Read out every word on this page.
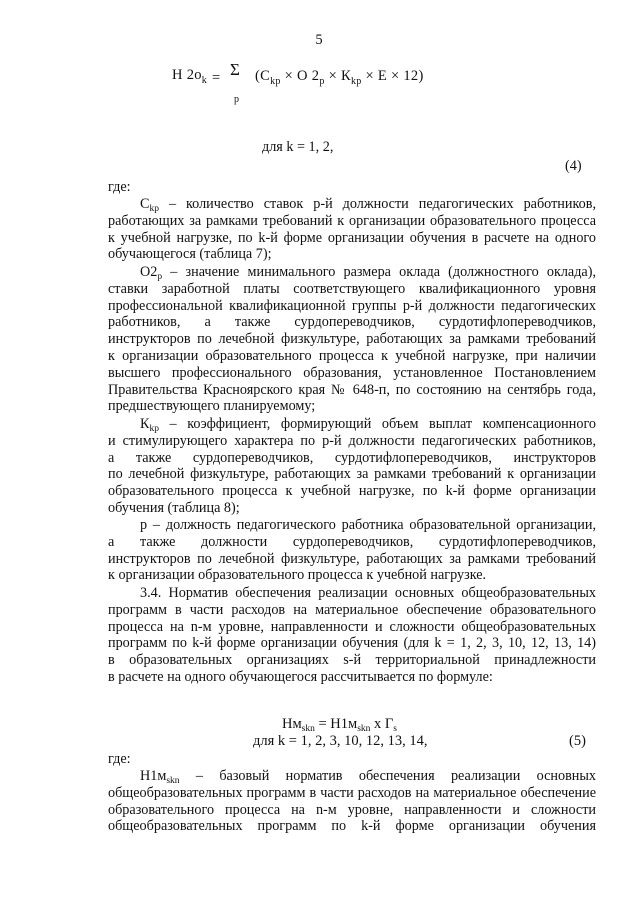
5
Н $2о_k = \Sigma$
р
($С_{kр} \times О$ $2_р \times К_{kр} \times Е \times 12$)
для k = 1, 2,
(4)
где:
$С_{kр}$ – количество ставок р-й должности педагогических работников,
работающих за рамками требований к организации образовательного процесса
к учебной нагрузке, по k-й форме организации обучения в расчете на одного
обучающегося (таблица 7);
$О2_р$ – значение минимального размера оклада (должностного оклада),
ставки заработной платы соответствующего квалификационного уровня
профессиональной квалификационной группы р-й должности педагогических
работников, а также сурдопереводчиков, сурдотифлопереводчиков,
инструкторов по лечебной физкультуре, работающих за рамками требований
к организации образовательного процесса к учебной нагрузке, при наличии
высшего профессионального образования, установленное Постановлением
Правительства Красноярского края № 648-п, по состоянию на сентябрь года,
предшествующего планируемому;
$К_{kр}$ – коэффициент, формирующий объем выплат компенсационного
и стимулирующего характера по р-й должности педагогических работников,
а также сурдопереводчиков, сурдотифлопереводчиков, инструкторов
по лечебной физкультуре, работающих за рамками требований к организации
образовательного процесса к учебной нагрузке, по k-й форме организации
обучения (таблица 8);
р – должность педагогического работника образовательной организации,
а также должности сурдопереводчиков, сурдотифлопереводчиков,
инструкторов по лечебной физкультуре, работающих за рамками требований
к организации образовательного процесса к учебной нагрузке.
3.4. Норматив обеспечения реализации основных общеобразовательных
программ в части расходов на материальное обеспечение образовательного
процесса на n-м уровне, направленности и сложности общеобразовательных
программ по k-й форме организации обучения (для k = 1, 2, 3, 10, 12, 13, 14)
в образовательных организациях s-й территориальной принадлежности
в расчете на одного обучающегося рассчитывается по формуле:
$Нм_{skn} = Н1м_{skn}$ х $Г_s$
для k = 1, 2, 3, 10, 12, 13, 14,	(5)
где:
$Н1м_{skn}$ – базовый норматив обеспечения реализации основных
общеобразовательных программ в части расходов на материальное обеспечение
образовательного процесса на n-м уровне, направленности и сложности
общеобразовательных программ по k-й форме организации обучения
